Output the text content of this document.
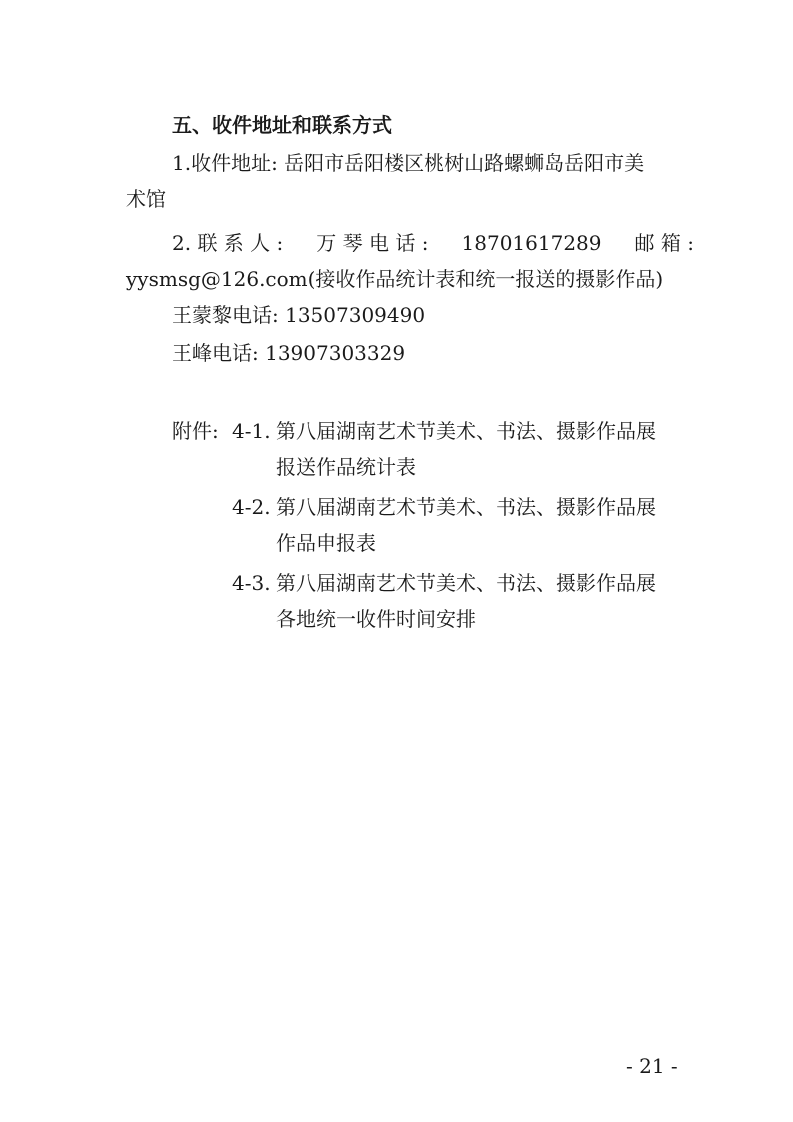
五、收件地址和联系方式
1.收件地址: 岳阳市岳阳楼区桃树山路螺蛳岛岳阳市美
术馆
2. 联 系 人 : 万 琴 电 话 : 18701617289 邮 箱 :
yysmsg@126.com(接收作品统计表和统一报送的摄影作品)
王蒙黎电话: 13507309490
王峰电话: 13907303329
附件: 4-1. 第八届湖南艺术节美术、书法、摄影作品展
报送作品统计表
4-2. 第八届湖南艺术节美术、书法、摄影作品展
作品申报表
4-3. 第八届湖南艺术节美术、书法、摄影作品展
各地统一收件时间安排
- 21 -
